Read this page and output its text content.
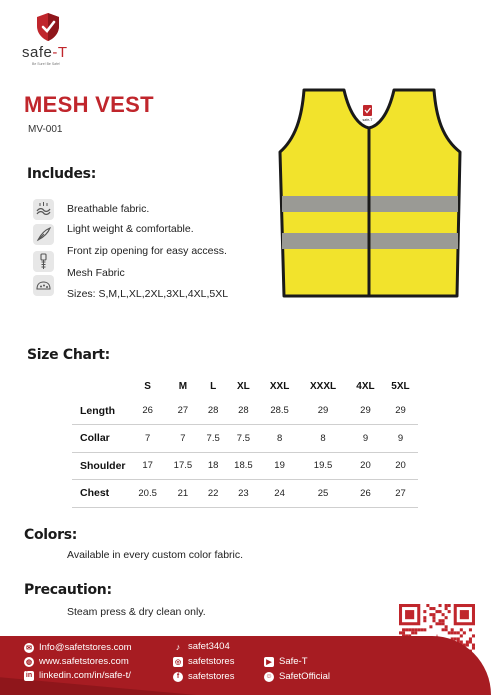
safe-T
Be Sure! Be Safe!
MESH VEST
MV-001
Includes:
Breathable fabric.
Light weight & comfortable.
Front zip opening for easy access.
Mesh Fabric
Sizes: S,M,L,XL,2XL,3XL,4XL,5XL
safe-T
Size Chart:
	S	M	L	XL	XXL	XXXL	4XL	5XL
Length	26	27	28	28	28.5	29	29	29
Collar	7	7	7.5	7.5	8	8	9	9
Shoulder	17	17.5	18	18.5	19	19.5	20	20
Chest	20.5	21	22	23	24	25	26	27
Colors:
Available in every custom color fabric.
Precaution:
Steam press & dry clean only.
✉ Info@safetstores.com
◍ www.safetstores.com
in linkedin.com/in/safe-t/
♪ safet3404
◎ safetstores
f safetstores
▶ Safe-T
☺ SafetOfficial
